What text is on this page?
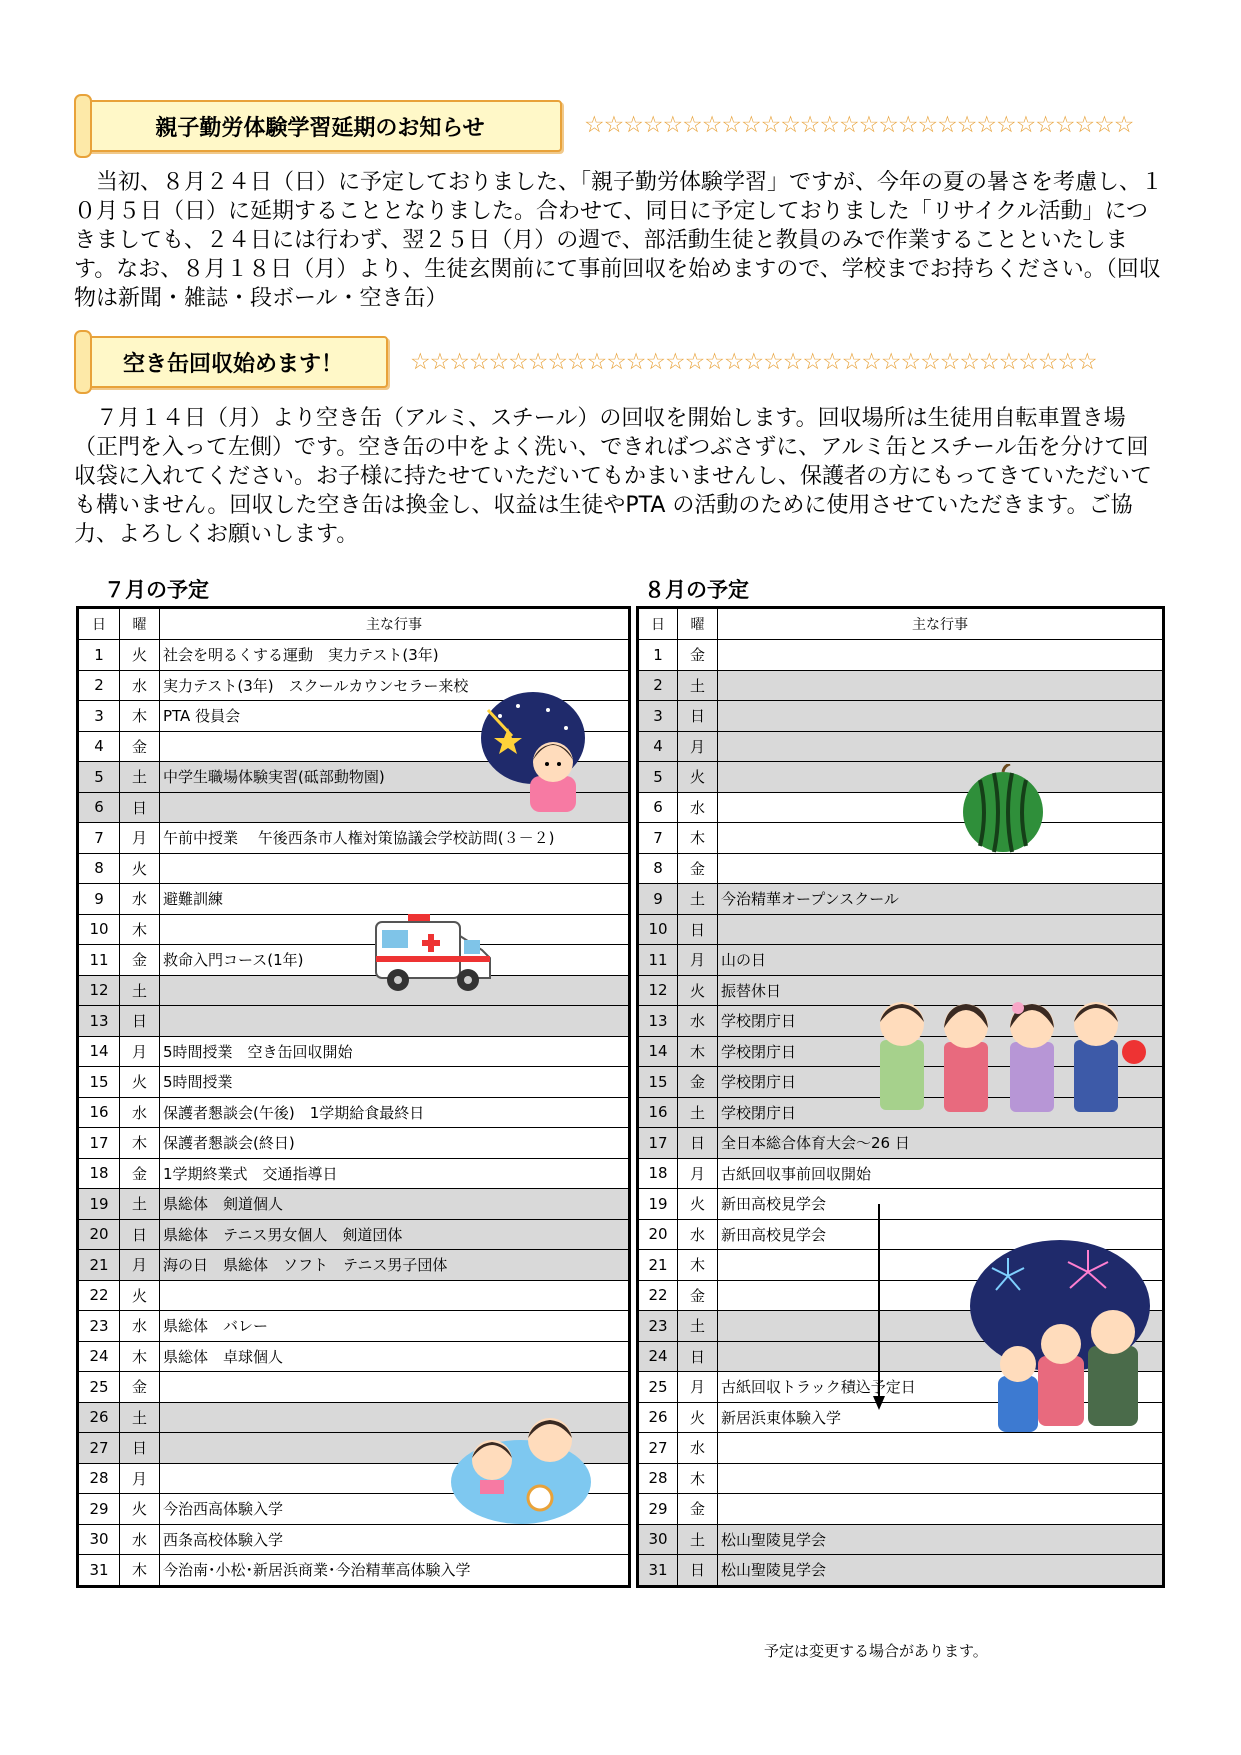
親子勤労体験学習延期のお知らせ	☆☆☆☆☆☆☆☆☆☆☆☆☆☆☆☆☆☆☆☆☆☆☆☆☆☆☆☆

　当初、８月２４日（日）に予定しておりました、「親子勤労体験学習」ですが、今年の夏の暑さを考慮し、１０月５日（日）に延期することとなりました。合わせて、同日に予定しておりました「リサイクル活動」につきましても、２４日には行わず、翌２５日（月）の週で、部活動生徒と教員のみで作業することといたします。なお、８月１８日（月）より、生徒玄関前にて事前回収を始めますので、学校までお持ちください。（回収物は新聞・雑誌・段ボール・空き缶）

空き缶回収始めます！	☆☆☆☆☆☆☆☆☆☆☆☆☆☆☆☆☆☆☆☆☆☆☆☆☆☆☆☆☆☆☆☆☆☆☆

　７月１４日（月）より空き缶（アルミ、スチール）の回収を開始します。回収場所は生徒用自転車置き場（正門を入って左側）です。空き缶の中をよく洗い、できればつぶさずに、アルミ缶とスチール缶を分けて回収袋に入れてください。お子様に持たせていただいてもかまいませんし、保護者の方にもってきていただいても構いません。回収した空き缶は換金し、収益は生徒やPTA の活動のために使用させていただきます。ご協力、よろしくお願いします。

７月の予定	８月の予定
日	曜	主な行事
1	火	社会を明るくする運動　実力テスト(3年)
2	水	実力テスト(3年)　スクールカウンセラー来校
3	木	PTA 役員会
4	金	
5	土	中学生職場体験実習(砥部動物園)
6	日	
7	月	午前中授業　 午後西条市人権対策協議会学校訪問(３－２)
8	火	
9	水	避難訓練
10	木	
11	金	救命入門コース(1年)
12	土	
13	日	
14	月	5時間授業　空き缶回収開始
15	火	5時間授業
16	水	保護者懇談会(午後)　1学期給食最終日
17	木	保護者懇談会(終日)
18	金	1学期終業式　交通指導日
19	土	県総体　剣道個人
20	日	県総体　テニス男女個人　剣道団体
21	月	海の日　県総体　ソフト　テニス男子団体
22	火	
23	水	県総体　バレー
24	木	県総体　卓球個人
25	金	
26	土	
27	日	
28	月	
29	火	今治西高体験入学
30	水	西条高校体験入学
31	木	今治南･小松･新居浜商業･今治精華高体験入学
日	曜	主な行事
1	金	
2	土	
3	日	
4	月	
5	火	
6	水	
7	木	
8	金	
9	土	今治精華オープンスクール
10	日	
11	月	山の日
12	火	振替休日
13	水	学校閉庁日
14	木	学校閉庁日
15	金	学校閉庁日
16	土	学校閉庁日
17	日	全日本総合体育大会～26 日
18	月	古紙回収事前回収開始
19	火	新田高校見学会
20	水	新田高校見学会
21	木	
22	金	
23	土	
24	日	
25	月	古紙回収トラック積込予定日
26	火	新居浜東体験入学
27	水	
28	木	
29	金	
30	土	松山聖陵見学会
31	日	松山聖陵見学会
予定は変更する場合があります。
